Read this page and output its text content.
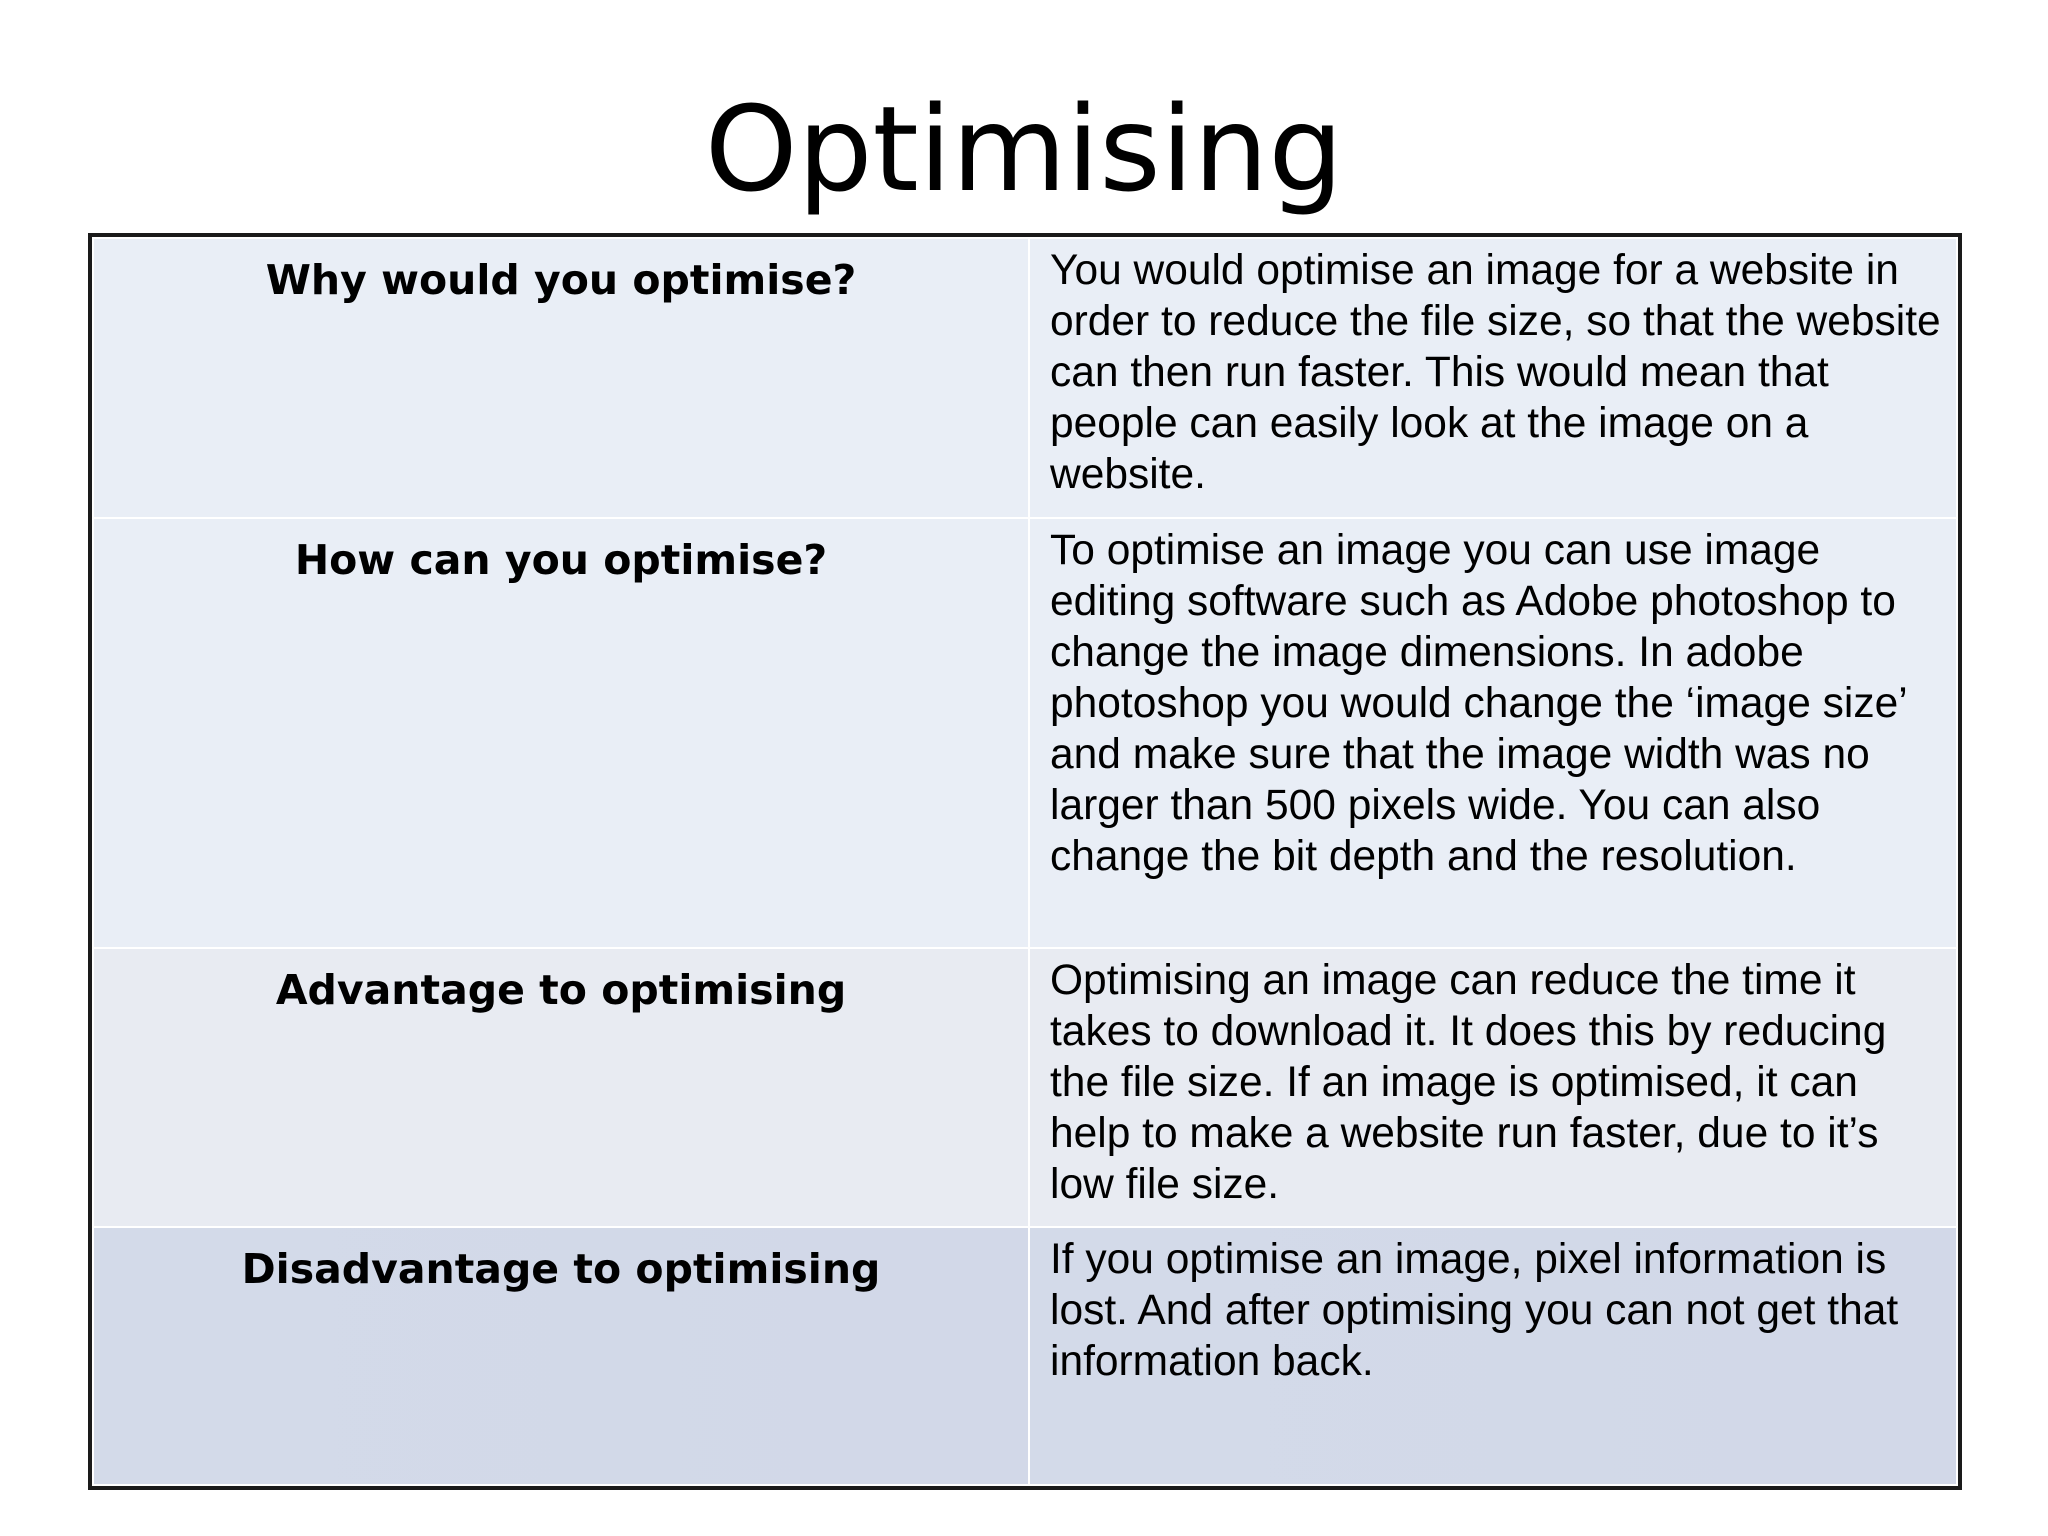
Optimising
Why would you optimise?	You would optimise an image for a website in order to reduce the file size, so that the website can then run faster. This would mean that people can easily look at the image on a website.
How can you optimise?	To optimise an image you can use image editing software such as Adobe photoshop to change the image dimensions. In adobe photoshop you would change the ‘image size’ and make sure that the image width was no larger than 500 pixels wide. You can also change the bit depth and the resolution.
Advantage to optimising	Optimising an image can reduce the time it takes to download it. It does this by reducing the file size. If an image is optimised, it can help to make a website run faster, due to it’s low file size.
Disadvantage to optimising	If you optimise an image, pixel information is lost. And after optimising you can not get that information back.
